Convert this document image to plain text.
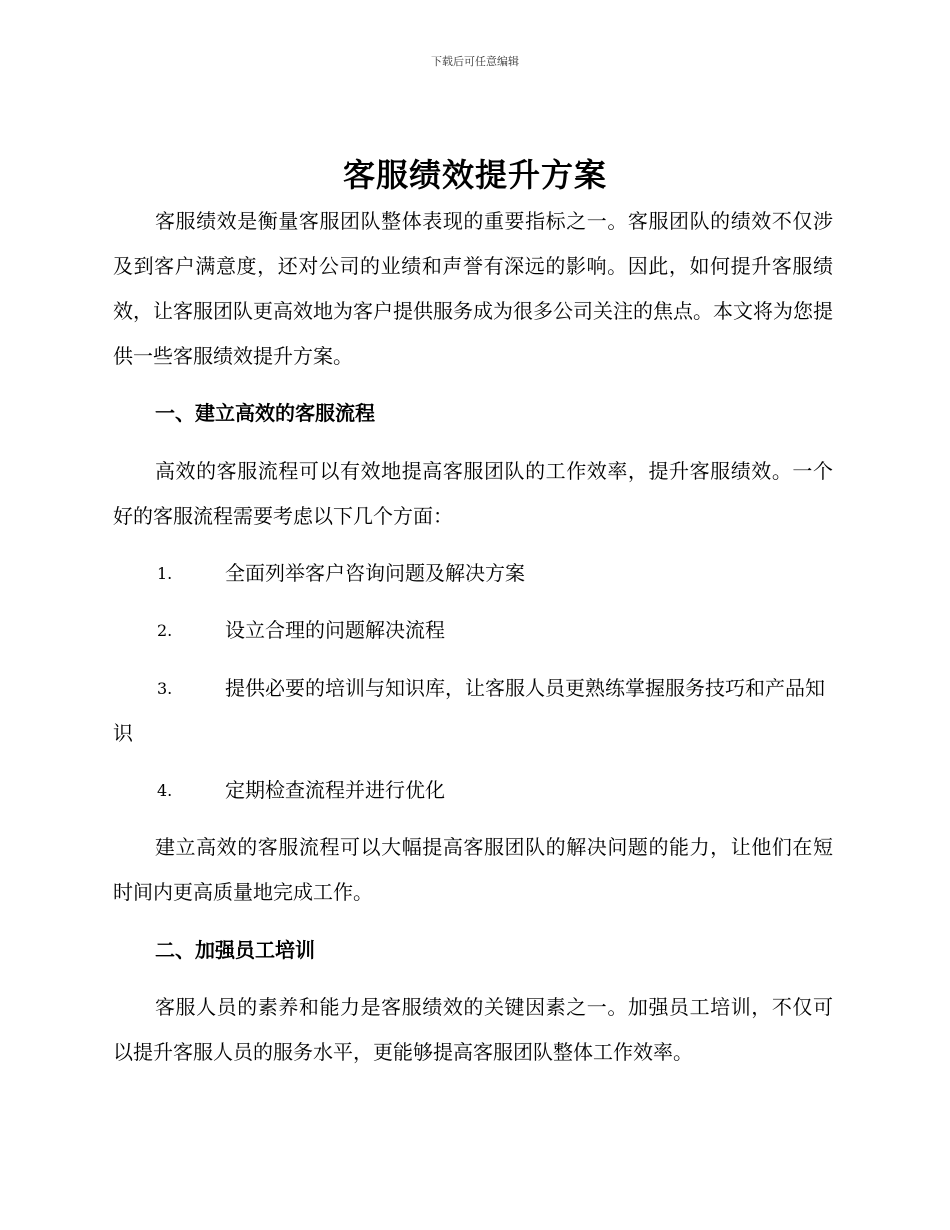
下载后可任意编辑
客服绩效提升方案

客服绩效是衡量客服团队整体表现的重要指标之一。客服团队的绩效不仅涉及到客户满意度，还对公司的业绩和声誉有深远的影响。因此，如何提升客服绩效，让客服团队更高效地为客户提供服务成为很多公司关注的焦点。本文将为您提供一些客服绩效提升方案。

一、建立高效的客服流程

高效的客服流程可以有效地提高客服团队的工作效率，提升客服绩效。一个好的客服流程需要考虑以下几个方面：

1.	全面列举客户咨询问题及解决方案
2.	设立合理的问题解决流程
3.	提供必要的培训与知识库，让客服人员更熟练掌握服务技巧和产品知识
4.	定期检查流程并进行优化

建立高效的客服流程可以大幅提高客服团队的解决问题的能力，让他们在短时间内更高质量地完成工作。

二、加强员工培训

客服人员的素养和能力是客服绩效的关键因素之一。加强员工培训，不仅可以提升客服人员的服务水平，更能够提高客服团队整体工作效率。
